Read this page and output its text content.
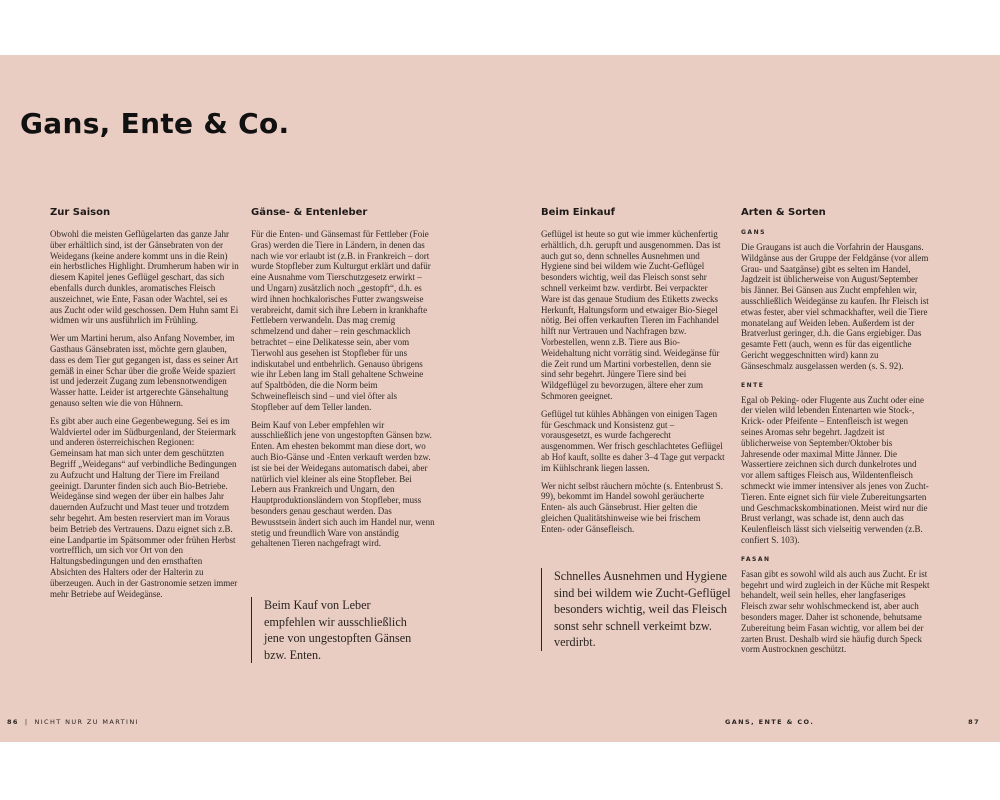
Gans, Ente & Co.
Zur Saison

Obwohl die meisten Geflügelarten das ganze Jahr über erhältlich sind, ist der Gänsebraten von der Weidegans (keine andere kommt uns in die Rein) ein herbstliches Highlight. Drumherum haben wir in diesem Kapitel jenes Geflügel geschart, das sich ebenfalls durch dunkles, aromatisches Fleisch auszeichnet, wie Ente, Fasan oder Wachtel, sei es aus Zucht oder wild geschossen. Dem Huhn samt Ei widmen wir uns ausführlich im Frühling.

Wer um Martini herum, also Anfang November, im Gasthaus Gänsebraten isst, möchte gern glauben, dass es dem Tier gut gegangen ist, dass es seiner Art gemäß in einer Schar über die große Weide spaziert ist und jederzeit Zugang zum lebensnotwendigen Wasser hatte. Leider ist artgerechte Gänsehaltung genauso selten wie die von Hühnern.

Es gibt aber auch eine Gegenbewegung. Sei es im Waldviertel oder im Südburgenland, der Steiermark und anderen österreichischen Regionen: Gemeinsam hat man sich unter dem geschützten Begriff „Weidegans“ auf verbindliche Bedingungen zu Aufzucht und Haltung der Tiere im Freiland geeinigt. Darunter finden sich auch Bio-Betriebe. Weidegänse sind wegen der über ein halbes Jahr dauernden Aufzucht und Mast teuer und trotzdem sehr begehrt. Am besten reserviert man im Voraus beim Betrieb des Vertrauens. Dazu eignet sich z.B. eine Landpartie im Spätsommer oder frühen Herbst vortrefflich, um sich vor Ort von den Haltungsbedingungen und den ernsthaften Absichten des Halters oder der Halterin zu überzeugen. Auch in der Gastronomie setzen immer mehr Betriebe auf Weidegänse.

Gänse- & Entenleber

Für die Enten- und Gänsemast für Fettleber (Foie Gras) werden die Tiere in Ländern, in denen das nach wie vor erlaubt ist (z.B. in Frankreich – dort wurde Stopfleber zum Kulturgut erklärt und dafür eine Ausnahme vom Tierschutzgesetz erwirkt – und Ungarn) zusätzlich noch „gestopft“, d.h. es wird ihnen hochkalorisches Futter zwangsweise verabreicht, damit sich ihre Lebern in krankhafte Fettlebern verwandeln. Das mag cremig schmelzend und daher – rein geschmacklich betrachtet – eine Delikatesse sein, aber vom Tierwohl aus gesehen ist Stopfleber für uns indiskutabel und entbehrlich. Genauso übrigens wie ihr Leben lang im Stall gehaltene Schweine auf Spaltböden, die die Norm beim Schweinefleisch sind – und viel öfter als Stopfleber auf dem Teller landen.

Beim Kauf von Leber empfehlen wir ausschließlich jene von ungestopften Gänsen bzw. Enten. Am ehesten bekommt man diese dort, wo auch Bio-Gänse und -Enten verkauft werden bzw. ist sie bei der Weidegans automatisch dabei, aber natürlich viel kleiner als eine Stopfleber. Bei Lebern aus Frankreich und Ungarn, den Hauptproduktionsländern von Stopfleber, muss besonders genau geschaut werden. Das Bewusstsein ändert sich auch im Handel nur, wenn stetig und freundlich Ware von anständig gehaltenen Tieren nachgefragt wird.

Beim Kauf von Leber empfehlen wir ausschließlich jene von ungestopften Gänsen bzw. Enten.
Beim Einkauf

Geflügel ist heute so gut wie immer küchenfertig erhältlich, d.h. gerupft und ausgenommen. Das ist auch gut so, denn schnelles Ausnehmen und Hygiene sind bei wildem wie Zucht-Geflügel besonders wichtig, weil das Fleisch sonst sehr schnell verkeimt bzw. verdirbt. Bei verpackter Ware ist das genaue Studium des Etiketts zwecks Herkunft, Haltungsform und etwaiger Bio-Siegel nötig. Bei offen verkauften Tieren im Fachhandel hilft nur Vertrauen und Nachfragen bzw. Vorbestellen, wenn z.B. Tiere aus Bio-Weidehaltung nicht vorrätig sind. Weidegänse für die Zeit rund um Martini vorbestellen, denn sie sind sehr begehrt. Jüngere Tiere sind bei Wildgeflügel zu bevorzugen, ältere eher zum Schmoren geeignet.

Geflügel tut kühles Abhängen von einigen Tagen für Geschmack und Konsistenz gut – vorausgesetzt, es wurde fachgerecht ausgenommen. Wer frisch geschlachtetes Geflügel ab Hof kauft, sollte es daher 3–4 Tage gut verpackt im Kühlschrank liegen lassen.

Wer nicht selbst räuchern möchte (s. Entenbrust S. 99), bekommt im Handel sowohl geräucherte Enten- als auch Gänsebrust. Hier gelten die gleichen Qualitätshinweise wie bei frischem Enten- oder Gänsefleisch.

Schnelles Ausnehmen und Hygiene sind bei wildem wie Zucht-Geflügel besonders wichtig, weil das Fleisch sonst sehr schnell verkeimt bzw. verdirbt.
Arten & Sorten
GANS

Die Graugans ist auch die Vorfahrin der Hausgans. Wildgänse aus der Gruppe der Feldgänse (vor allem Grau- und Saatgänse) gibt es selten im Handel, Jagdzeit ist üblicherweise von August/September bis Jänner. Bei Gänsen aus Zucht empfehlen wir, ausschließlich Weidegänse zu kaufen. Ihr Fleisch ist etwas fester, aber viel schmackhafter, weil die Tiere monatelang auf Weiden leben. Außerdem ist der Bratverlust geringer, d.h. die Gans ergiebiger. Das gesamte Fett (auch, wenn es für das eigentliche Gericht weggeschnitten wird) kann zu Gänseschmalz ausgelassen werden (s. S. 92).

ENTE

Egal ob Peking- oder Flugente aus Zucht oder eine der vielen wild lebenden Entenarten wie Stock-, Krick- oder Pfeifente – Entenfleisch ist wegen seines Aromas sehr begehrt. Jagdzeit ist üblicherweise von September/Oktober bis Jahresende oder maximal Mitte Jänner. Die Wassertiere zeichnen sich durch dunkelrotes und vor allem saftiges Fleisch aus, Wildentenfleisch schmeckt wie immer intensiver als jenes von Zucht-Tieren. Ente eignet sich für viele Zubereitungsarten und Geschmackskombinationen. Meist wird nur die Brust verlangt, was schade ist, denn auch das Keulenfleisch lässt sich vielseitig verwenden (z.B. confiert S. 103).

FASAN

Fasan gibt es sowohl wild als auch aus Zucht. Er ist begehrt und wird zugleich in der Küche mit Respekt behandelt, weil sein helles, eher langfaseriges Fleisch zwar sehr wohlschmeckend ist, aber auch besonders mager. Daher ist schonende, behutsame Zubereitung beim Fasan wichtig, vor allem bei der zarten Brust. Deshalb wird sie häufig durch Speck vorm Austrocknen geschützt.

86 | NICHT NUR ZU MARTINI	GANS, ENTE & CO.	87
